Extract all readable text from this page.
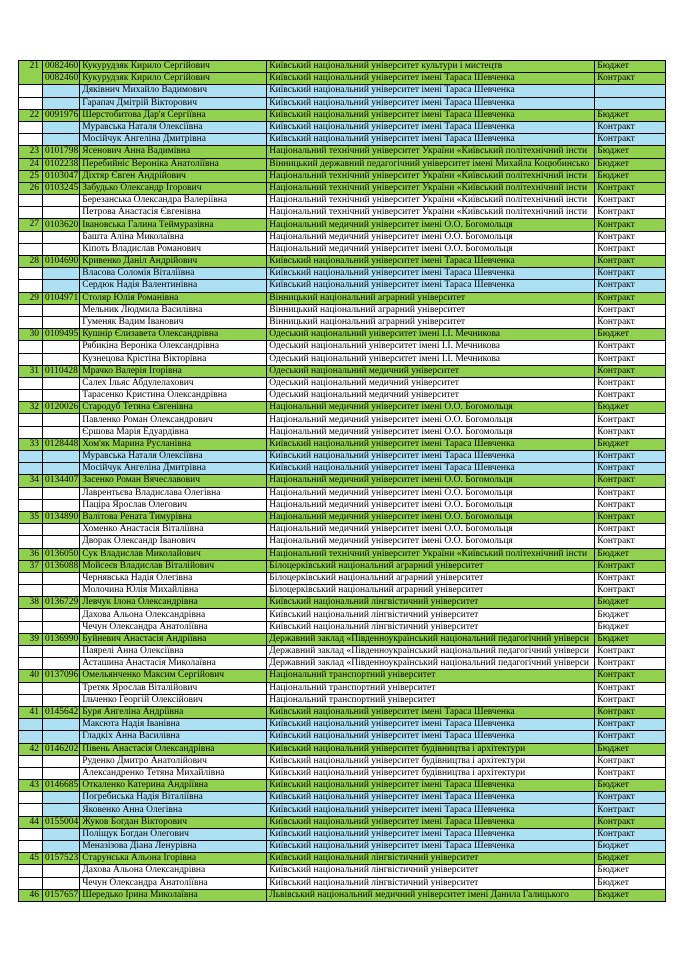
21	0082460	Кукурудзяк Кирило Сергійович	Київський національний університет культури і мистецтв	Бюджет
	0082460	Кукурудзяк Кирило Сергійович	Київський національний університет імені Тараса Шевченка	Контракт
		Дяківнич Михайло Вадимович	Київський національний університет імені Тараса Шевченка	
		Гарапач Дмітрій Вікторович	Київський національний університет імені Тараса Шевченка	
22	0091976	Шерстобитова Дар'я Сергіївна	Київський національний університет імені Тараса Шевченка	Бюджет
		Муравська Наталя Олексіївна	Київський національний університет імені Тараса Шевченка	Контракт
		Мосійчук Ангеліна Дмитрівна	Київський національний університет імені Тараса Шевченка	Контракт
23	0101798	Ясенович Анна Вадимівна	Національний технічний університет України «Київський політехнічний інсти	Бюджет
24	0102238	Перебийніс Вероніка Анатоліївна	Вінницький державний педагогічний університет імені Михайла Коцюбинсько	Бюджет
25	0103047	Діхтяр Євген Андрійович	Національний технічний університет України «Київський політехнічний інсти	Бюджет
26	0103245	Забудько Олександр Ігорович	Національний технічний університет України «Київський політехнічний інсти	Контракт
		Березанська Олександра Валеріївна	Національний технічний університет України «Київський політехнічний інсти	Контракт
		Петрова Анастасія Євгенівна	Національний технічний університет України «Київський політехнічний інсти	Контракт
27	0103620	Івановська Галина Теймуразівна	Національний медичний університет імені О.О. Богомольця	Контракт
		Башта Аліна Миколаївна	Національний медичний університет імені О.О. Богомольця	Контракт
		Кіпоть Владислав Романович	Національний медичний університет імені О.О. Богомольця	Контракт
28	0104690	Кривенко Даніл Андрійович	Київський національний університет імені Тараса Шевченка	Контракт
		Власова Соломія Віталіївна	Київський національний університет імені Тараса Шевченка	Контракт
		Сердюк Надія Валентинівна	Київський національний університет імені Тараса Шевченка	Контракт
29	0104971	Столяр Юлія Романівна	Вінницький національний аграрний університет	Контракт
		Мельник Людмила Василівна	Вінницький національний аграрний університет	Контракт
		Гуменяк Вадим Іванович	Вінницький національний аграрний університет	Контракт
30	0109495	Кушнір Єлизавета Олександрівна	Одеський національний університет імені І.І. Мечникова	Бюджет
		Рябикіна Вероніка Олександрівна	Одеський національний університет імені І.І. Мечникова	Контракт
		Кузнецова Крістіна Вікторівна	Одеський національний університет імені І.І. Мечникова	Контракт
31	0110428	Мрачко Валерія Ігорівна	Одеський національний медичний університет	Контракт
		Салех Ільяс Абдулелахович	Одеський національний медичний університет	Контракт
		Тарасенко Кристина Олександрівна	Одеський національний медичний університет	Контракт
32	0120026	Стародуб Тетяна Євгенівна	Національний медичний університет імені О.О. Богомольця	Бюджет
		Павленко Роман Олександрович	Національний медичний університет імені О.О. Богомольця	Контракт
		Єршова Марія Едуардівна	Національний медичний університет імені О.О. Богомольця	Контракт
33	0128448	Хом'як Марина Русланівна	Київський національний університет імені Тараса Шевченка	Бюджет
		Муравська Наталя Олексіївна	Київський національний університет імені Тараса Шевченка	Контракт
		Мосійчук Ангеліна Дмитрівна	Київський національний університет імені Тараса Шевченка	Контракт
34	0134407	Засенко Роман Вячеславович	Національний медичний університет імені О.О. Богомольця	Контракт
		Лаврентьєва Владислава Олегівна	Національний медичний університет імені О.О. Богомольця	Контракт
		Паціра Ярослав Олегович	Національний медичний університет імені О.О. Богомольця	Контракт
35	0134890	Валітова Рената Тимурівна	Національний медичний університет імені О.О. Богомольця	Контракт
		Хоменко Анастасія Віталіївна	Національний медичний університет імені О.О. Богомольця	Контракт
		Дворак Олександр Іванович	Національний медичний університет імені О.О. Богомольця	Контракт
36	0136050	Сук Владислав Миколайович	Національний технічний університет України «Київський політехнічний інсти	Бюджет
37	0136088	Мойсеєв Владислав Віталійович	Білоцерківський національний аграрний університет	Контракт
		Чернявська Надія Олегівна	Білоцерківський національний аграрний університет	Контракт
		Молочина Юлія Михайлівна	Білоцерківський національний аграрний університет	Контракт
38	0136729	Левчук Ілона Олександрівна	Київський національний лінгвістичний університет	Бюджет
		Дахова Альона Олександрівна	Київський національний лінгвістичний університет	Бюджет
		Чечун Олександра Анатоліївна	Київський національний лінгвістичний університет	Бюджет
39	0136990	Буйневич Анастасія Андріївна	Державний заклад «Південноукраїнський національний педагогічний універси	Бюджет
		Паярелі Анна Олексіївна	Державний заклад «Південноукраїнський національний педагогічний універси	Контракт
		Асташина Анастасія Миколаївна	Державний заклад «Південноукраїнський національний педагогічний універси	Контракт
40	0137096	Омельянченко Максим Сергійович	Національний транспортний університет	Контракт
		Третяк Ярослав Віталійович	Національний транспортний університет	Контракт
		Ільченко Георгій Олексійович	Національний транспортний університет	Контракт
41	0145642	Буря Ангеліна Андріївна	Київський національний університет імені Тараса Шевченка	Контракт
		Максюта Надія Іванівна	Київський національний університет імені Тараса Шевченка	Контракт
		Гладкіх Анна Василівна	Київський національний університет імені Тараса Шевченка	Контракт
42	0146202	Півень Анастасія Олександрівна	Київський національний університет будівництва і архітектури	Бюджет
		Руденко Дмитро Анатолійович	Київський національний університет будівництва і архітектури	Контракт
		Александренко Тетяна Михайлівна	Київський національний університет будівництва і архітектури	Контракт
43	0146685	Откаленко Катерина Андріївна	Київський національний університет імені Тараса Шевченка	Бюджет
		Погребиська Надія Віталіївна	Київський національний університет імені Тараса Шевченка	Контракт
		Яковенко Анна Олегівна	Київський національний університет імені Тараса Шевченка	Контракт
44	0155004	Жуков Богдан Вікторович	Київський національний університет імені Тараса Шевченка	Контракт
		Поліщук Богдан Олегович	Київський національний університет імені Тараса Шевченка	Контракт
		Меназізова Діана Ленурівна	Київський національний університет імені Тараса Шевченка	Бюджет
45	0157523	Старунська Альона Ігорівна	Київський національний лінгвістичний університет	Бюджет
		Дахова Альона Олександрівна	Київський національний лінгвістичний університет	Бюджет
		Чечун Олександра Анатоліївна	Київський національний лінгвістичний університет	Бюджет
46	0157657	Шередько Ірина Миколаївна	Львівський національний медичний університет імені Данила Галицького	Бюджет
